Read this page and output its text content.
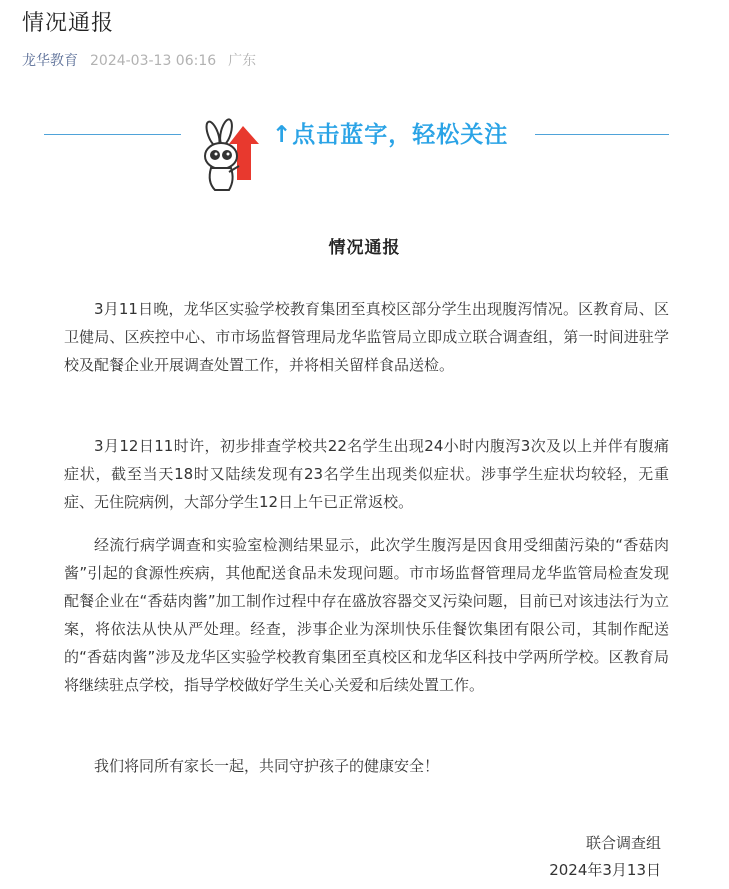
情况通报
龙华教育 2024-03-13 06:16 广东
↑点击蓝字，轻松关注
情况通报

3月11日晚，龙华区实验学校教育集团至真校区部分学生出现腹泻情况。区教育局、区卫健局、区疾控中心、市市场监督管理局龙华监管局立即成立联合调查组，第一时间进驻学校及配餐企业开展调查处置工作，并将相关留样食品送检。

3月12日11时许，初步排查学校共22名学生出现24小时内腹泻3次及以上并伴有腹痛症状，截至当天18时又陆续发现有23名学生出现类似症状。涉事学生症状均较轻，无重症、无住院病例，大部分学生12日上午已正常返校。

经流行病学调查和实验室检测结果显示，此次学生腹泻是因食用受细菌污染的“香菇肉酱”引起的食源性疾病，其他配送食品未发现问题。市市场监督管理局龙华监管局检查发现配餐企业在“香菇肉酱”加工制作过程中存在盛放容器交叉污染问题，目前已对该违法行为立案，将依法从快从严处理。经查，涉事企业为深圳快乐佳餐饮集团有限公司，其制作配送的“香菇肉酱”涉及龙华区实验学校教育集团至真校区和龙华区科技中学两所学校。区教育局将继续驻点学校，指导学校做好学生关心关爱和后续处置工作。

我们将同所有家长一起，共同守护孩子的健康安全！

联合调查组
2024年3月13日
